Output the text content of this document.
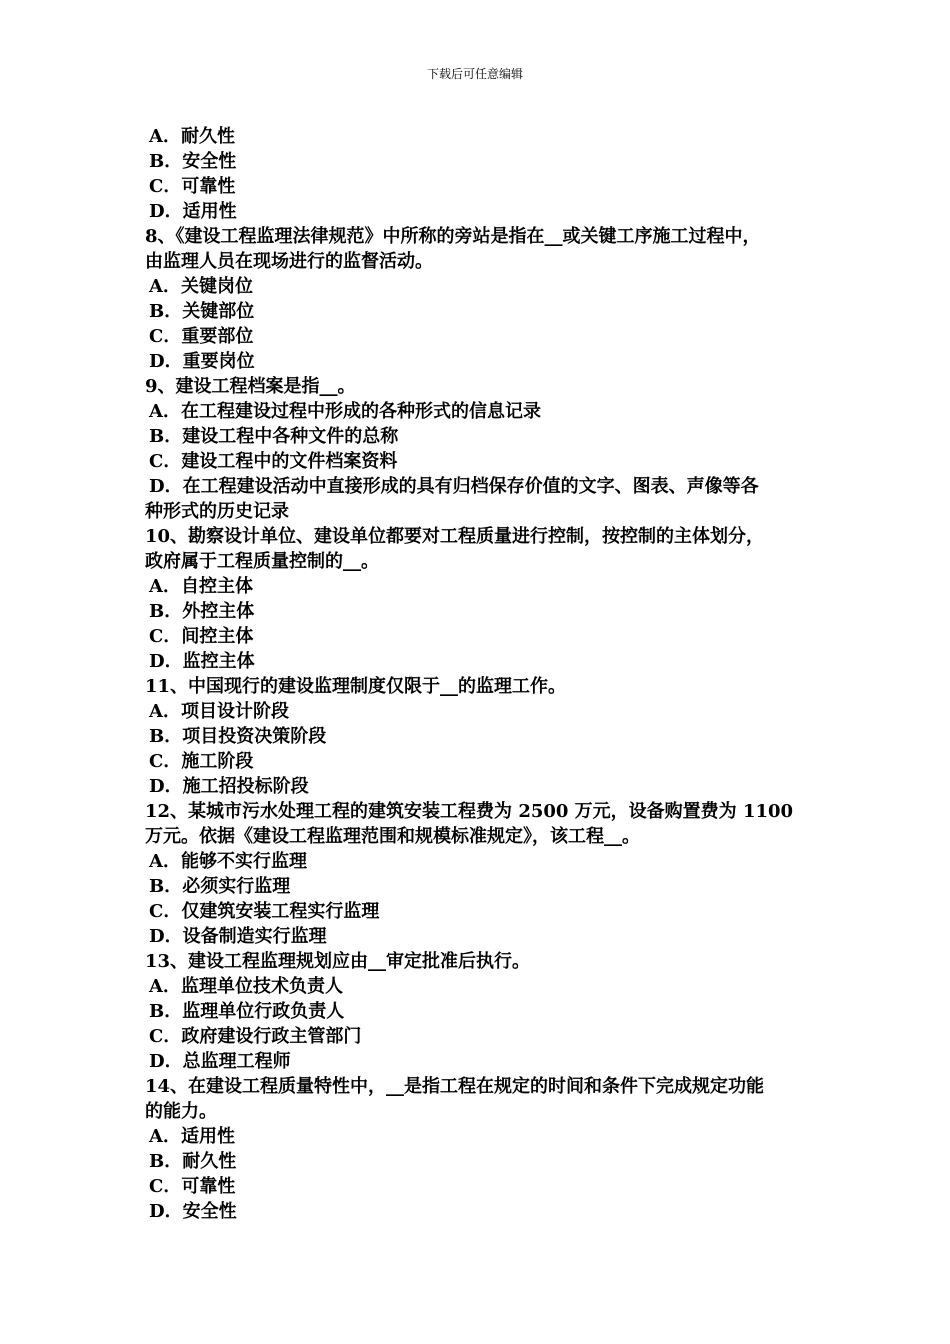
下载后可任意编辑
A．耐久性
B．安全性
C．可靠性
D．适用性
8、《建设工程监理法律规范》中所称的旁站是指在__或关键工序施工过程中，
由监理人员在现场进行的监督活动。
A．关键岗位
B．关键部位
C．重要部位
D．重要岗位
9、建设工程档案是指__。
A．在工程建设过程中形成的各种形式的信息记录
B．建设工程中各种文件的总称
C．建设工程中的文件档案资料
D．在工程建设活动中直接形成的具有归档保存价值的文字、图表、声像等各
种形式的历史记录
10、勘察设计单位、建设单位都要对工程质量进行控制，按控制的主体划分，
政府属于工程质量控制的__。
A．自控主体
B．外控主体
C．间控主体
D．监控主体
11、中国现行的建设监理制度仅限于__的监理工作。
A．项目设计阶段
B．项目投资决策阶段
C．施工阶段
D．施工招投标阶段
12、某城市污水处理工程的建筑安装工程费为 2500 万元，设备购置费为 1100
万元。依据《建设工程监理范围和规模标准规定》，该工程__。
A．能够不实行监理
B．必须实行监理
C．仅建筑安装工程实行监理
D．设备制造实行监理
13、建设工程监理规划应由__审定批准后执行。
A．监理单位技术负责人
B．监理单位行政负责人
C．政府建设行政主管部门
D．总监理工程师
14、在建设工程质量特性中，__是指工程在规定的时间和条件下完成规定功能
的能力。
A．适用性
B．耐久性
C．可靠性
D．安全性
